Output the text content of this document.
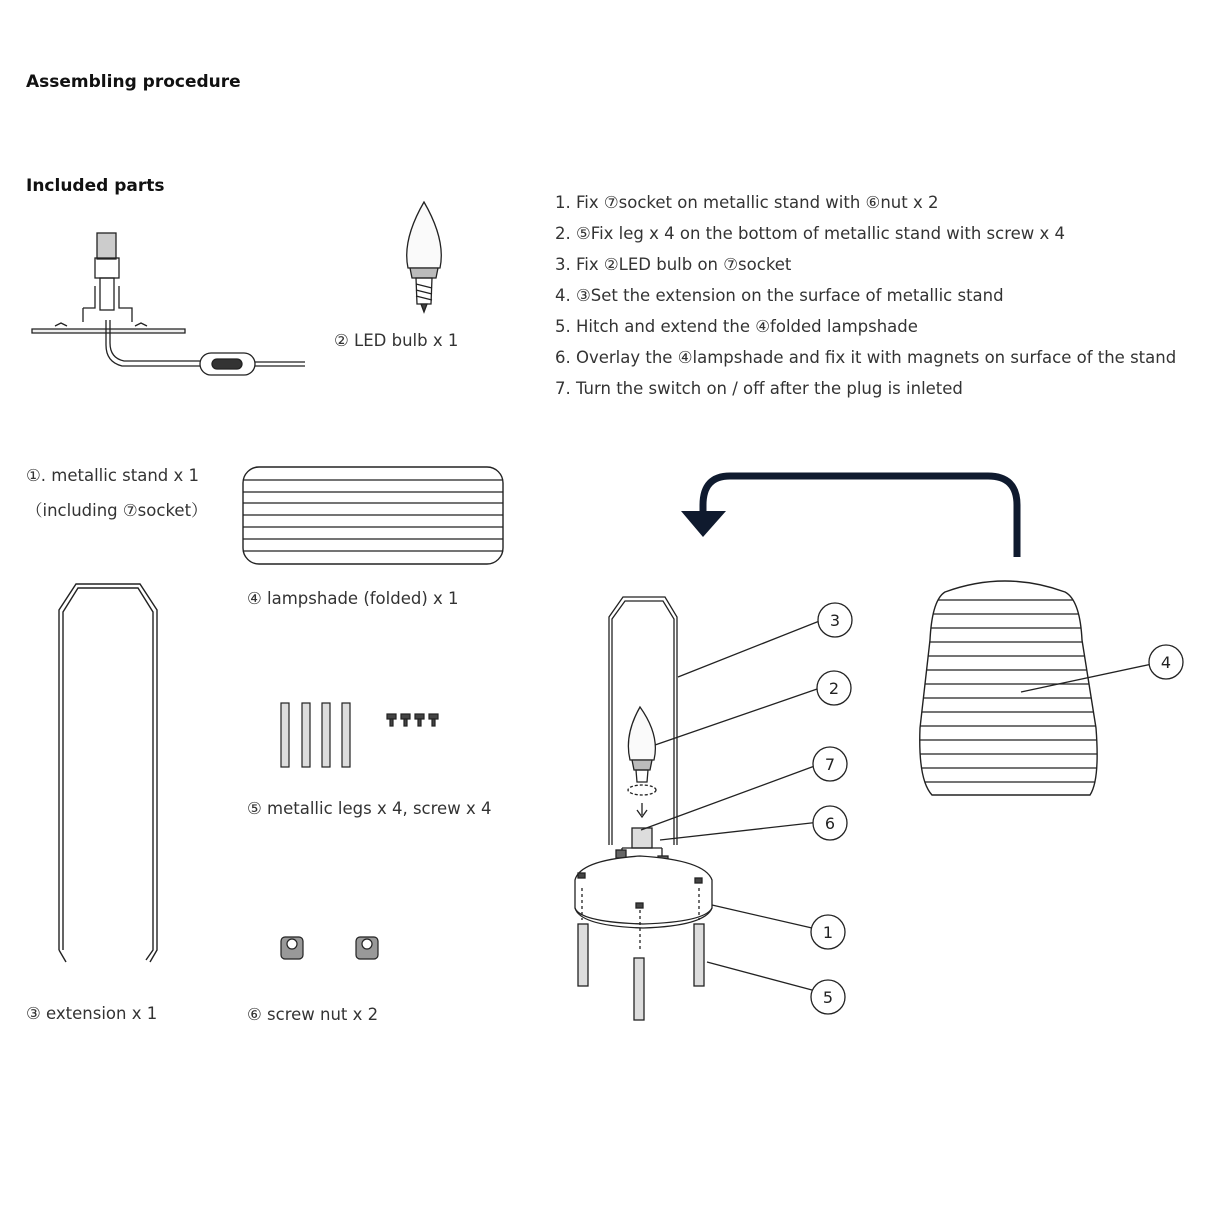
Assembling procedure
Included parts
1. Fix ⑦socket on metallic stand with ⑥nut x 2
2. ⑤Fix leg x 4 on the bottom of metallic stand with screw x 4
3. Fix ②LED bulb on ⑦socket
4. ③Set the extension on the surface of metallic stand
5. Hitch and extend the ④folded lampshade
6. Overlay the ④lampshade and fix it with magnets on surface of the stand
7. Turn the switch on / off after the plug is inleted
② LED bulb x 1
①. metallic stand x 1
（including ⑦socket）
④ lampshade (folded) x 1
⑤ metallic legs x 4, screw x 4
③ extension x 1	⑥ screw nut x 2
3
2
7
6
1
5
4
